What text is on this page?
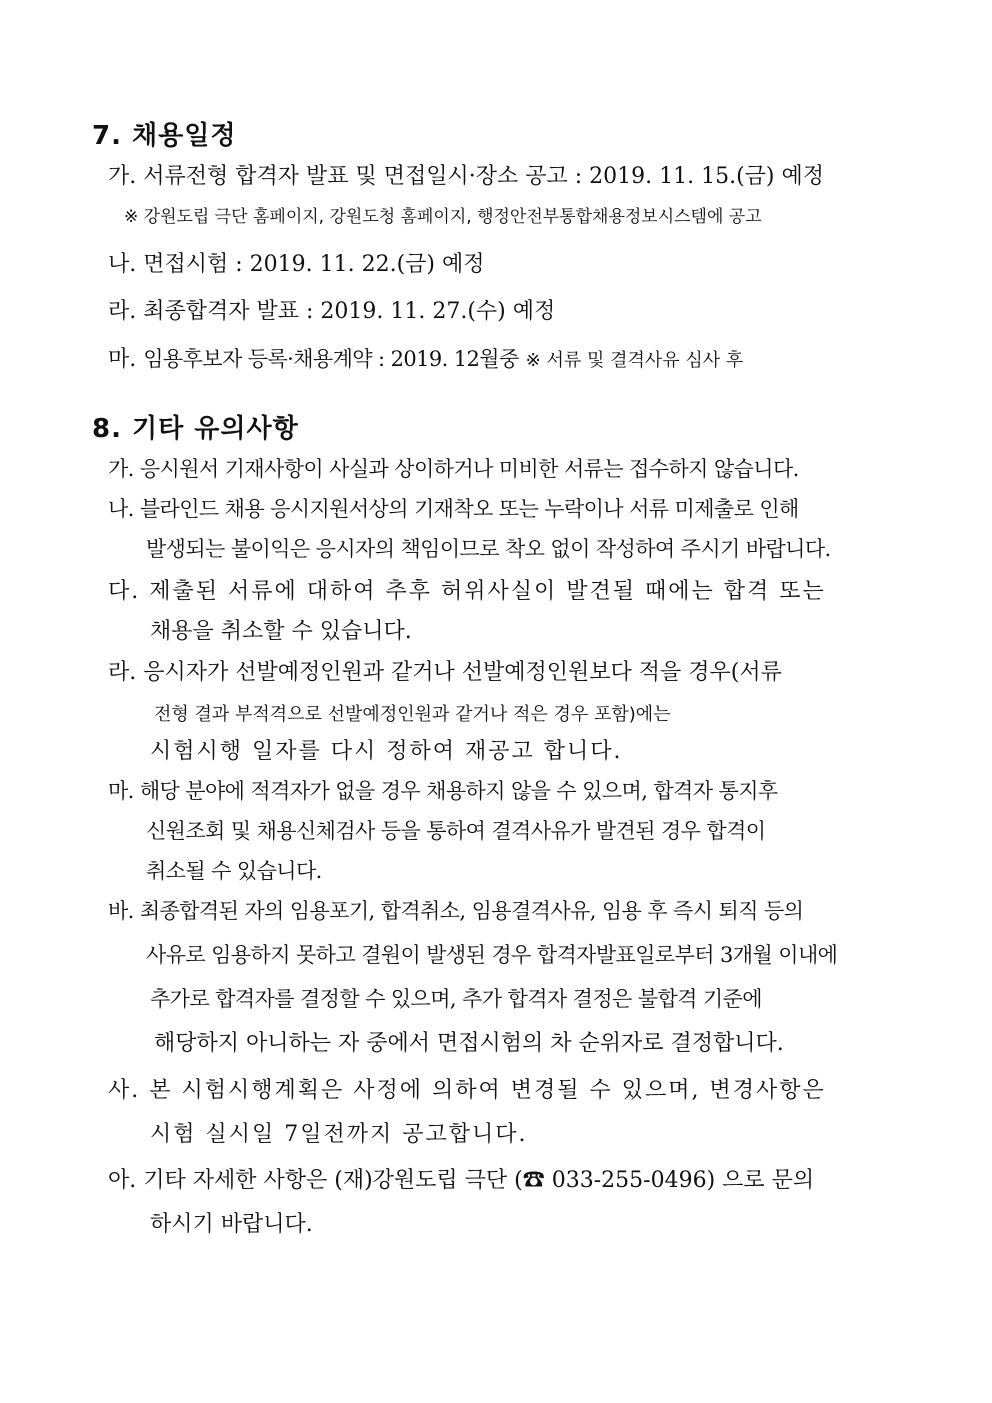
7. 채용일정
가. 서류전형 합격자 발표 및 면접일시·장소 공고 : 2019. 11. 15.(금) 예정
※ 강원도립 극단 홈페이지, 강원도청 홈페이지, 행정안전부통합채용정보시스템에 공고
나. 면접시험 : 2019. 11. 22.(금) 예정
라. 최종합격자 발표 : 2019. 11. 27.(수) 예정
마. 임용후보자 등록·채용계약 : 2019. 12월중 ※ 서류 및 결격사유 심사 후
8. 기타 유의사항
가. 응시원서 기재사항이 사실과 상이하거나 미비한 서류는 접수하지 않습니다.
나. 블라인드 채용 응시지원서상의 기재착오 또는 누락이나 서류 미제출로 인해
발생되는 불이익은 응시자의 책임이므로 착오 없이 작성하여 주시기 바랍니다.
다. 제출된 서류에 대하여 추후 허위사실이 발견될 때에는 합격 또는
채용을 취소할 수 있습니다.
라. 응시자가 선발예정인원과 같거나 선발예정인원보다 적을 경우(서류
전형 결과 부적격으로 선발예정인원과 같거나 적은 경우 포함)에는
시험시행 일자를 다시 정하여 재공고 합니다.
마. 해당 분야에 적격자가 없을 경우 채용하지 않을 수 있으며, 합격자 통지후
신원조회 및 채용신체검사 등을 통하여 결격사유가 발견된 경우 합격이
취소될 수 있습니다.
바. 최종합격된 자의 임용포기, 합격취소, 임용결격사유, 임용 후 즉시 퇴직 등의
사유로 임용하지 못하고 결원이 발생된 경우 합격자발표일로부터 3개월 이내에
추가로 합격자를 결정할 수 있으며, 추가 합격자 결정은 불합격 기준에
해당하지 아니하는 자 중에서 면접시험의 차 순위자로 결정합니다.
사. 본 시험시행계획은 사정에 의하여 변경될 수 있으며, 변경사항은
시험 실시일 7일전까지 공고합니다.
아. 기타 자세한 사항은 (재)강원도립 극단 (☎ 033-255-0496) 으로 문의
하시기 바랍니다.
